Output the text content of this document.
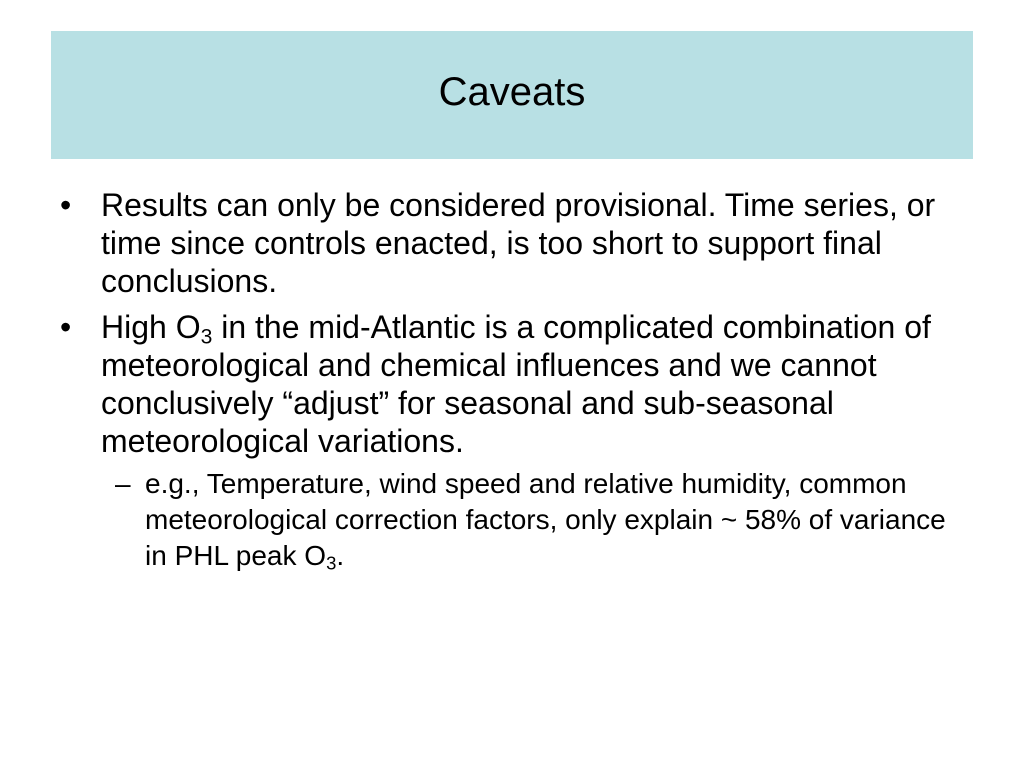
Caveats
• Results can only be considered provisional. Time series, or time since controls enacted, is too short to support final conclusions.
• High $O_3$ in the mid-Atlantic is a complicated combination of meteorological and chemical influences and we cannot conclusively “adjust” for seasonal and sub-seasonal meteorological variations.
– e.g., Temperature, wind speed and relative humidity, common meteorological correction factors, only explain ~ 58% of variance in PHL peak $O_3$.
